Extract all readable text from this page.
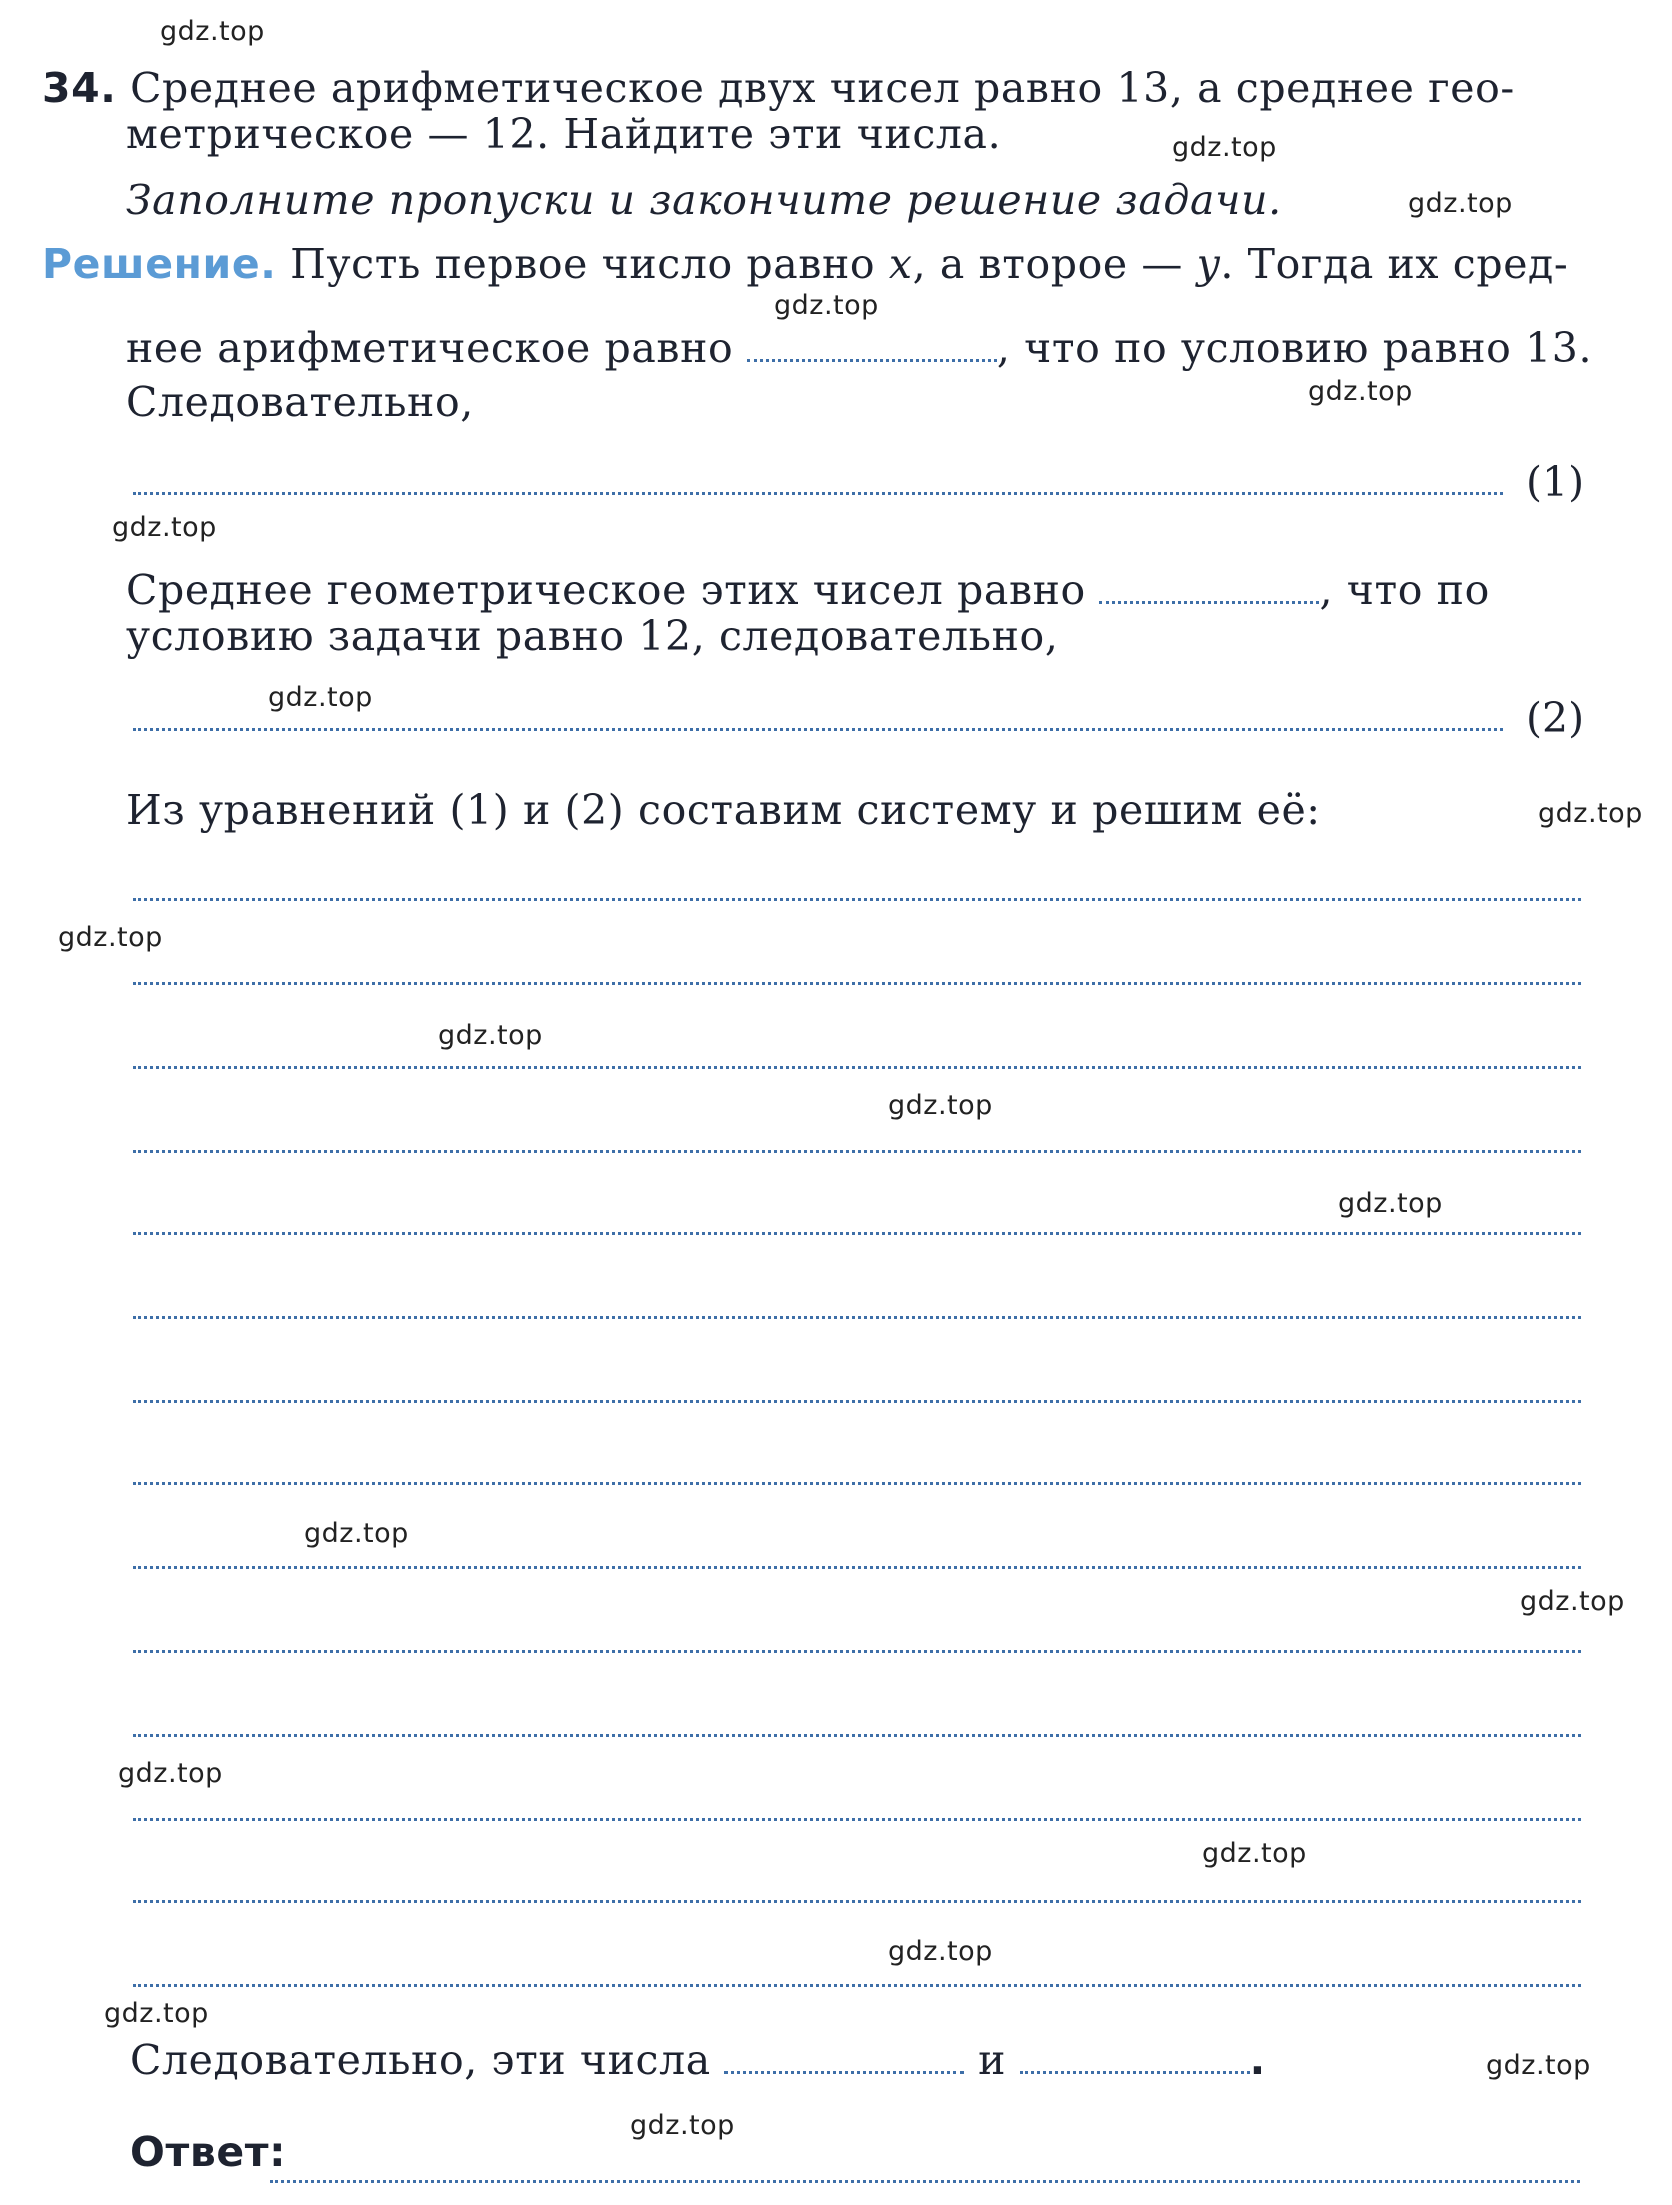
34. Среднее арифметическое двух чисел равно 13, а среднее гео-
метрическое — 12. Найдите эти числа.
Заполните пропуски и закончите решение задачи.
Решение. Пусть первое число равно x, а второе — y. Тогда их сред-
нее арифметическое равно	, что по условию равно 13.
Следовательно,
(1)
Среднее геометрическое этих чисел равно	, что по
условию задачи равно 12, следовательно,
(2)
Из уравнений (1) и (2) составим систему и решим её:
Следовательно, эти числа	и	.
Ответ:
gdz.top
gdz.top
gdz.top
gdz.top
gdz.top
gdz.top
gdz.top
gdz.top
gdz.top
gdz.top
gdz.top
gdz.top
gdz.top
gdz.top
gdz.top
gdz.top
gdz.top
gdz.top
gdz.top
gdz.top
